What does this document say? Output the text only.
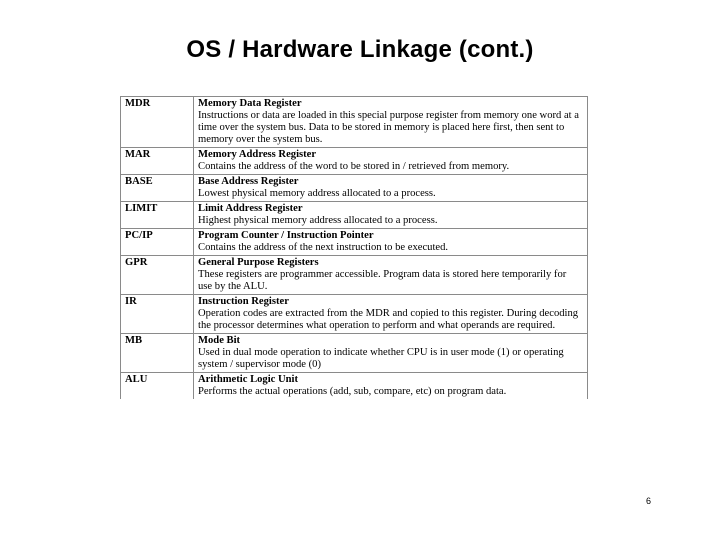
OS / Hardware Linkage (cont.)
MDR	Memory Data Register
Instructions or data are loaded in this special purpose register from memory one word at a time over the system bus. Data to be stored in memory is placed here first, then sent to memory over the system bus.

MAR	Memory Address Register
Contains the address of the word to be stored in / retrieved from memory.

BASE	Base Address Register
Lowest physical memory address allocated to a process.

LIMIT	Limit Address Register
Highest physical memory address allocated to a process.

PC/IP	Program Counter / Instruction Pointer
Contains the address of the next instruction to be executed.

GPR	General Purpose Registers
These registers are programmer accessible. Program data is stored here temporarily for use by the ALU.

IR	Instruction Register
Operation codes are extracted from the MDR and copied to this register. During decoding the processor determines what operation to perform and what operands are required.

MB	Mode Bit
Used in dual mode operation to indicate whether CPU is in user mode (1) or operating system / supervisor mode (0)

ALU	Arithmetic Logic Unit
Performs the actual operations (add, sub, compare, etc) on program data.
6
